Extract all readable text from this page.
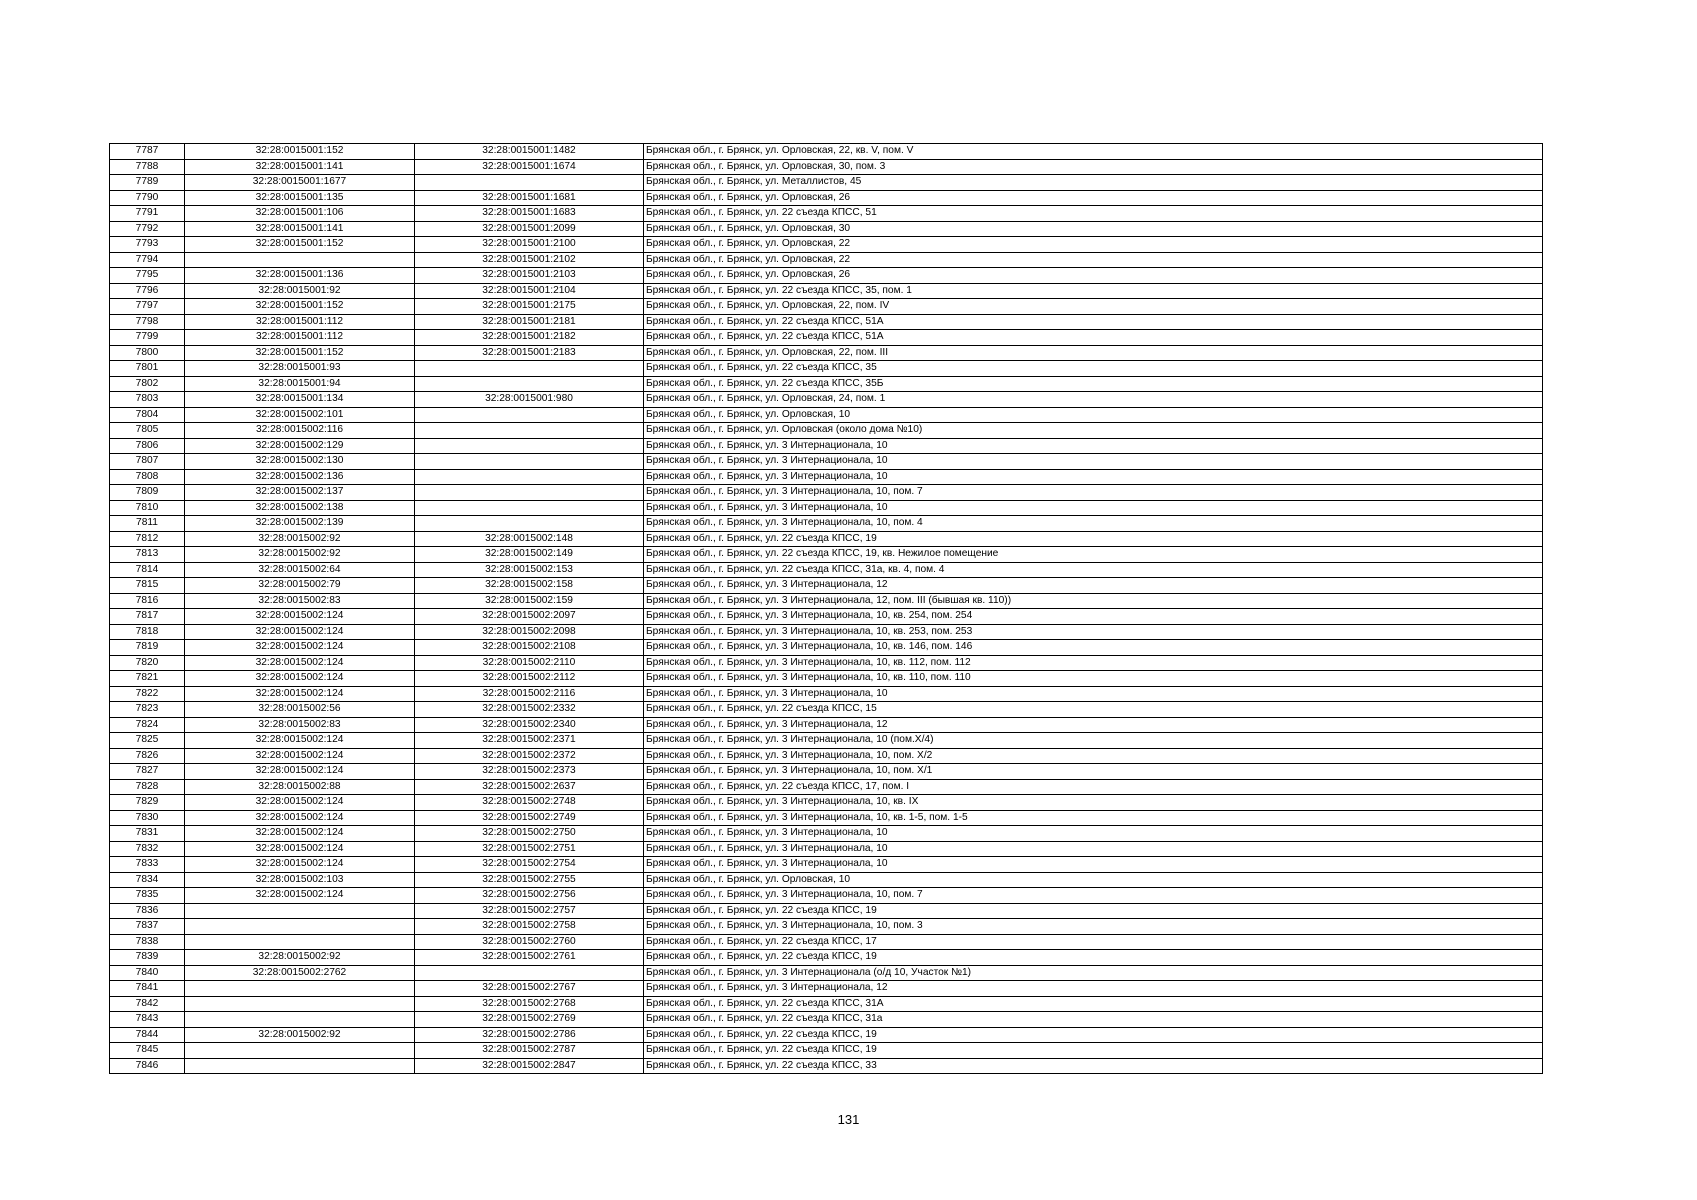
7787	32:28:0015001:152	32:28:0015001:1482	Брянская обл., г. Брянск, ул. Орловская, 22, кв. V, пом. V
7788	32:28:0015001:141	32:28:0015001:1674	Брянская обл., г. Брянск, ул. Орловская, 30, пом. 3
7789	32:28:0015001:1677		Брянская обл., г. Брянск, ул. Металлистов, 45
7790	32:28:0015001:135	32:28:0015001:1681	Брянская обл., г. Брянск, ул. Орловская, 26
7791	32:28:0015001:106	32:28:0015001:1683	Брянская обл., г. Брянск, ул. 22 съезда КПСС, 51
7792	32:28:0015001:141	32:28:0015001:2099	Брянская обл., г. Брянск, ул. Орловская, 30
7793	32:28:0015001:152	32:28:0015001:2100	Брянская обл., г. Брянск, ул. Орловская, 22
7794		32:28:0015001:2102	Брянская обл., г. Брянск, ул. Орловская, 22
7795	32:28:0015001:136	32:28:0015001:2103	Брянская обл., г. Брянск, ул. Орловская, 26
7796	32:28:0015001:92	32:28:0015001:2104	Брянская обл., г. Брянск, ул. 22 съезда КПСС, 35, пом. 1
7797	32:28:0015001:152	32:28:0015001:2175	Брянская обл., г. Брянск, ул. Орловская, 22, пом. IV
7798	32:28:0015001:112	32:28:0015001:2181	Брянская обл., г. Брянск, ул. 22 съезда КПСС, 51А
7799	32:28:0015001:112	32:28:0015001:2182	Брянская обл., г. Брянск, ул. 22 съезда КПСС, 51А
7800	32:28:0015001:152	32:28:0015001:2183	Брянская обл., г. Брянск, ул. Орловская, 22, пом. III
7801	32:28:0015001:93		Брянская обл., г. Брянск, ул. 22 съезда КПСС, 35
7802	32:28:0015001:94		Брянская обл., г. Брянск, ул. 22 съезда КПСС, 35Б
7803	32:28:0015001:134	32:28:0015001:980	Брянская обл., г. Брянск, ул. Орловская, 24, пом. 1
7804	32:28:0015002:101		Брянская обл., г. Брянск, ул. Орловская, 10
7805	32:28:0015002:116		Брянская обл., г. Брянск, ул. Орловская (около дома №10)
7806	32:28:0015002:129		Брянская обл., г. Брянск, ул. 3 Интернационала, 10
7807	32:28:0015002:130		Брянская обл., г. Брянск, ул. 3 Интернационала, 10
7808	32:28:0015002:136		Брянская обл., г. Брянск, ул. 3 Интернационала, 10
7809	32:28:0015002:137		Брянская обл., г. Брянск, ул. 3 Интернационала, 10, пом. 7
7810	32:28:0015002:138		Брянская обл., г. Брянск, ул. 3 Интернационала, 10
7811	32:28:0015002:139		Брянская обл., г. Брянск, ул. 3 Интернационала, 10, пом. 4
7812	32:28:0015002:92	32:28:0015002:148	Брянская обл., г. Брянск, ул. 22 съезда КПСС, 19
7813	32:28:0015002:92	32:28:0015002:149	Брянская обл., г. Брянск, ул. 22 съезда КПСС, 19, кв. Нежилое помещение
7814	32:28:0015002:64	32:28:0015002:153	Брянская обл., г. Брянск, ул. 22 съезда КПСС, 31а, кв. 4, пом. 4
7815	32:28:0015002:79	32:28:0015002:158	Брянская обл., г. Брянск, ул. 3 Интернационала, 12
7816	32:28:0015002:83	32:28:0015002:159	Брянская обл., г. Брянск, ул. 3 Интернационала, 12, пом. III (бывшая кв. 110))
7817	32:28:0015002:124	32:28:0015002:2097	Брянская обл., г. Брянск, ул. 3 Интернационала, 10, кв. 254, пом. 254
7818	32:28:0015002:124	32:28:0015002:2098	Брянская обл., г. Брянск, ул. 3 Интернационала, 10, кв. 253, пом. 253
7819	32:28:0015002:124	32:28:0015002:2108	Брянская обл., г. Брянск, ул. 3 Интернационала, 10, кв. 146, пом. 146
7820	32:28:0015002:124	32:28:0015002:2110	Брянская обл., г. Брянск, ул. 3 Интернационала, 10, кв. 112, пом. 112
7821	32:28:0015002:124	32:28:0015002:2112	Брянская обл., г. Брянск, ул. 3 Интернационала, 10, кв. 110, пом. 110
7822	32:28:0015002:124	32:28:0015002:2116	Брянская обл., г. Брянск, ул. 3 Интернационала, 10
7823	32:28:0015002:56	32:28:0015002:2332	Брянская обл., г. Брянск, ул. 22 съезда КПСС, 15
7824	32:28:0015002:83	32:28:0015002:2340	Брянская обл., г. Брянск, ул. 3 Интернационала, 12
7825	32:28:0015002:124	32:28:0015002:2371	Брянская обл., г. Брянск, ул. 3 Интернационала, 10 (пом.X/4)
7826	32:28:0015002:124	32:28:0015002:2372	Брянская обл., г. Брянск, ул. 3 Интернационала, 10, пом. X/2
7827	32:28:0015002:124	32:28:0015002:2373	Брянская обл., г. Брянск, ул. 3 Интернационала, 10, пом. X/1
7828	32:28:0015002:88	32:28:0015002:2637	Брянская обл., г. Брянск, ул. 22 съезда КПСС, 17, пом. I
7829	32:28:0015002:124	32:28:0015002:2748	Брянская обл., г. Брянск, ул. 3 Интернационала, 10, кв. IX
7830	32:28:0015002:124	32:28:0015002:2749	Брянская обл., г. Брянск, ул. 3 Интернационала, 10, кв. 1-5, пом. 1-5
7831	32:28:0015002:124	32:28:0015002:2750	Брянская обл., г. Брянск, ул. 3 Интернационала, 10
7832	32:28:0015002:124	32:28:0015002:2751	Брянская обл., г. Брянск, ул. 3 Интернационала, 10
7833	32:28:0015002:124	32:28:0015002:2754	Брянская обл., г. Брянск, ул. 3 Интернационала, 10
7834	32:28:0015002:103	32:28:0015002:2755	Брянская обл., г. Брянск, ул. Орловская, 10
7835	32:28:0015002:124	32:28:0015002:2756	Брянская обл., г. Брянск, ул. 3 Интернационала, 10, пом. 7
7836		32:28:0015002:2757	Брянская обл., г. Брянск, ул. 22 съезда КПСС, 19
7837		32:28:0015002:2758	Брянская обл., г. Брянск, ул. 3 Интернационала, 10, пом. 3
7838		32:28:0015002:2760	Брянская обл., г. Брянск, ул. 22 съезда КПСС, 17
7839	32:28:0015002:92	32:28:0015002:2761	Брянская обл., г. Брянск, ул. 22 съезда КПСС, 19
7840	32:28:0015002:2762		Брянская обл., г. Брянск, ул. 3 Интернационала (о/д 10, Участок №1)
7841		32:28:0015002:2767	Брянская обл., г. Брянск, ул. 3 Интернационала, 12
7842		32:28:0015002:2768	Брянская обл., г. Брянск, ул. 22 съезда КПСС, 31А
7843		32:28:0015002:2769	Брянская обл., г. Брянск, ул. 22 съезда КПСС, 31а
7844	32:28:0015002:92	32:28:0015002:2786	Брянская обл., г. Брянск, ул. 22 съезда КПСС, 19
7845		32:28:0015002:2787	Брянская обл., г. Брянск, ул. 22 съезда КПСС, 19
7846		32:28:0015002:2847	Брянская обл., г. Брянск, ул. 22 съезда КПСС, 33
131
